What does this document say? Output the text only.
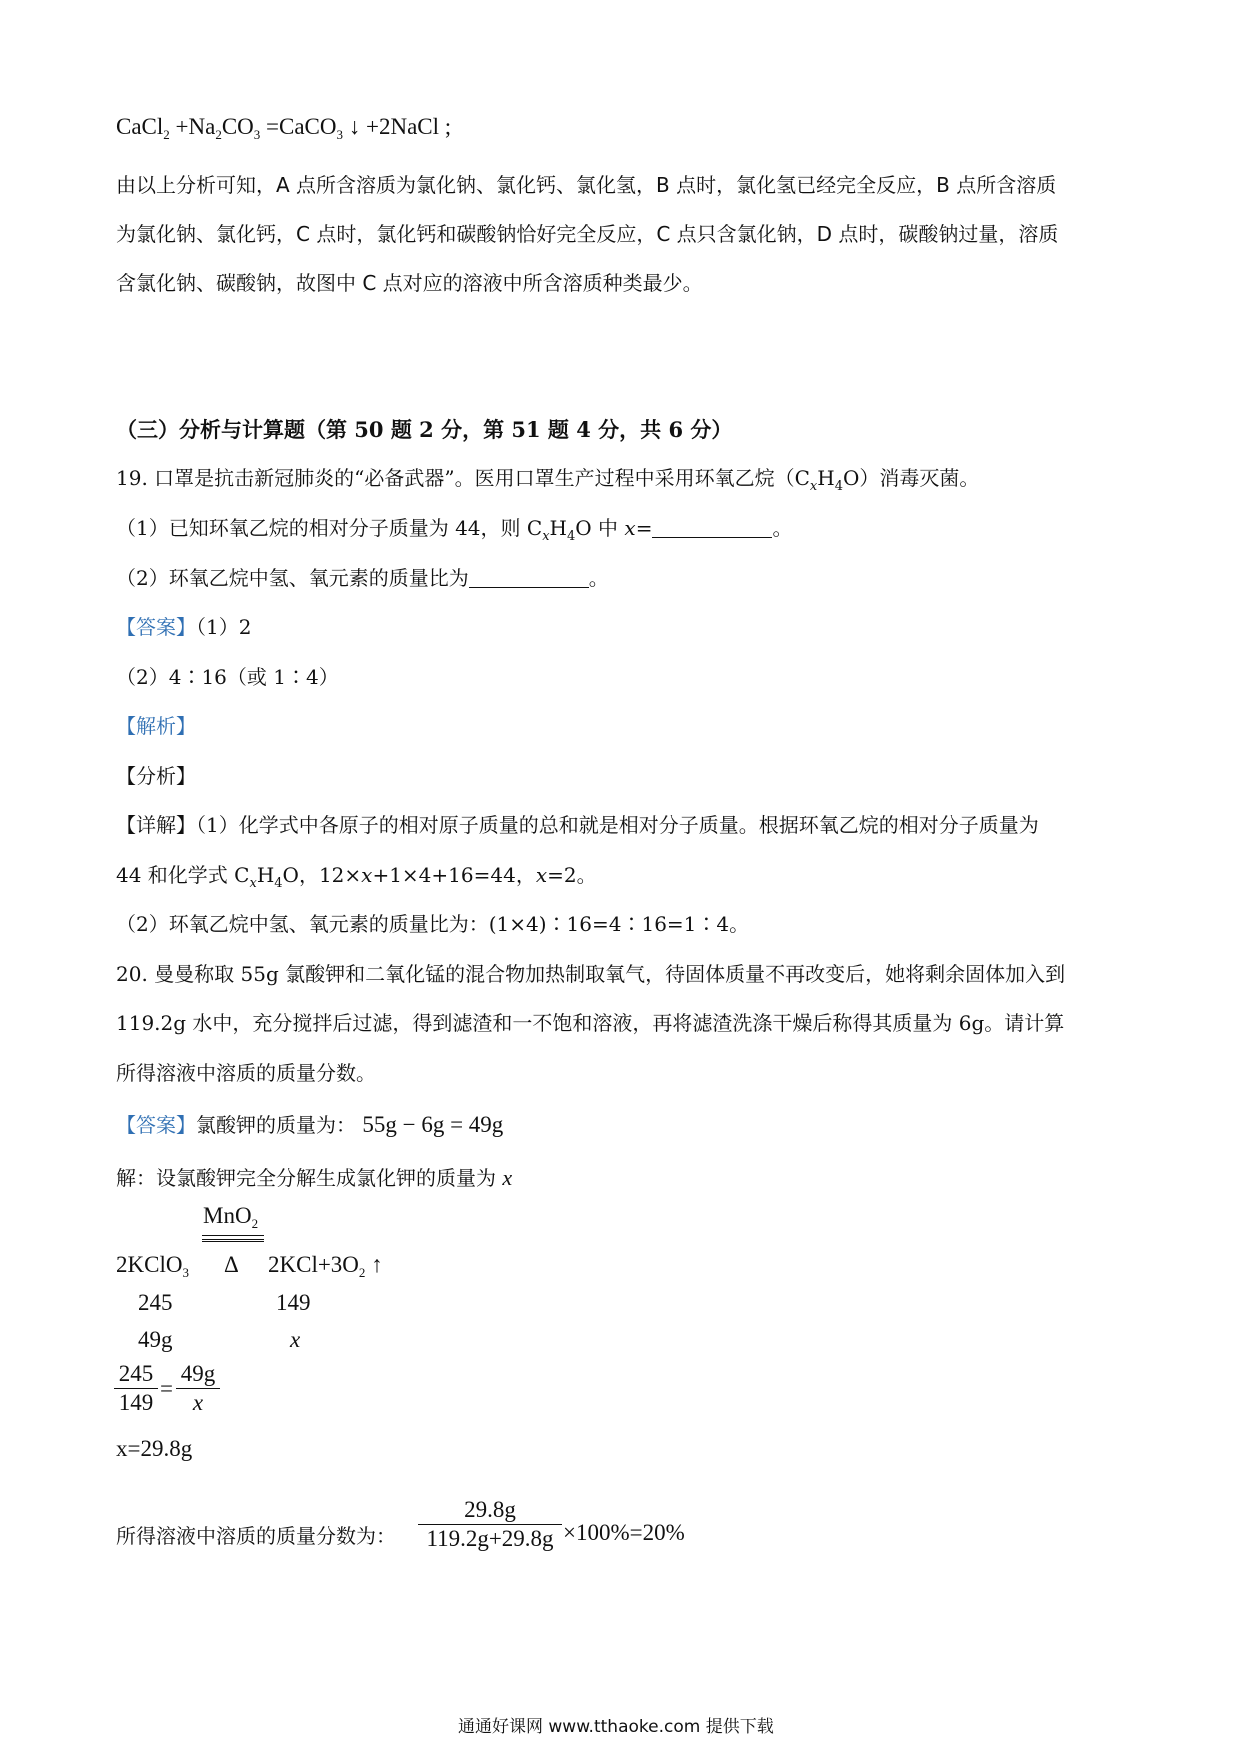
CaCl$_2$ $+Na_2CO_3$ =CaCO$_3$ ↓ +2NaCl ;
由以上分析可知，A 点所含溶质为氯化钠、氯化钙、氯化氢，B 点时，氯化氢已经完全反应，B 点所含溶质
为氯化钠、氯化钙，C 点时，氯化钙和碳酸钠恰好完全反应，C 点只含氯化钠，D 点时，碳酸钠过量，溶质
含氯化钠、碳酸钠，故图中 C 点对应的溶液中所含溶质种类最少。
（三）分析与计算题（第 50 题 2 分，第 51 题 4 分，共 6 分）
19. 口罩是抗击新冠肺炎的“必备武器”。医用口罩生产过程中采用环氧乙烷$(C_xH_4O)$消毒灭菌。
（1）已知环氧乙烷的相对分子质量为 44，则 $C_xH_4O$ 中 x=	。
（2）环氧乙烷中氢、氧元素的质量比为	。
【答案】（1）2
（2）4∶16（或 1∶4）
【解析】
【分析】
【详解】（1）化学式中各原子的相对原子质量的总和就是相对分子质量。根据环氧乙烷的相对分子质量为
44 和化学式 $C_xH_4O$，12×x+1×4+16=44，x=2。
（2）环氧乙烷中氢、氧元素的质量比为：(1×4)∶16=4∶16=1∶4。
20. 曼曼称取 55g 氯酸钾和二氧化锰的混合物加热制取氧气，待固体质量不再改变后，她将剩余固体加入到
119.2g 水中，充分搅拌后过滤，得到滤渣和一不饱和溶液，再将滤渣洗涤干燥后称得其质量为 6g。请计算
所得溶液中溶质的质量分数。
【答案】氯酸钾的质量为： 55g − 6g = 49g
解：设氯酸钾完全分解生成氯化钾的质量为 x
MnO$_2$
2KClO$_3$ Δ $2KCl+3O_2$ ↑
245	149
49g	x
245
149
=
49g
x
x=29.8g
所得溶液中溶质的质量分数为：
29.8g
119.2g+29.8g ×100%=20%
通通好课网 www.tthaoke.com 提供下载
